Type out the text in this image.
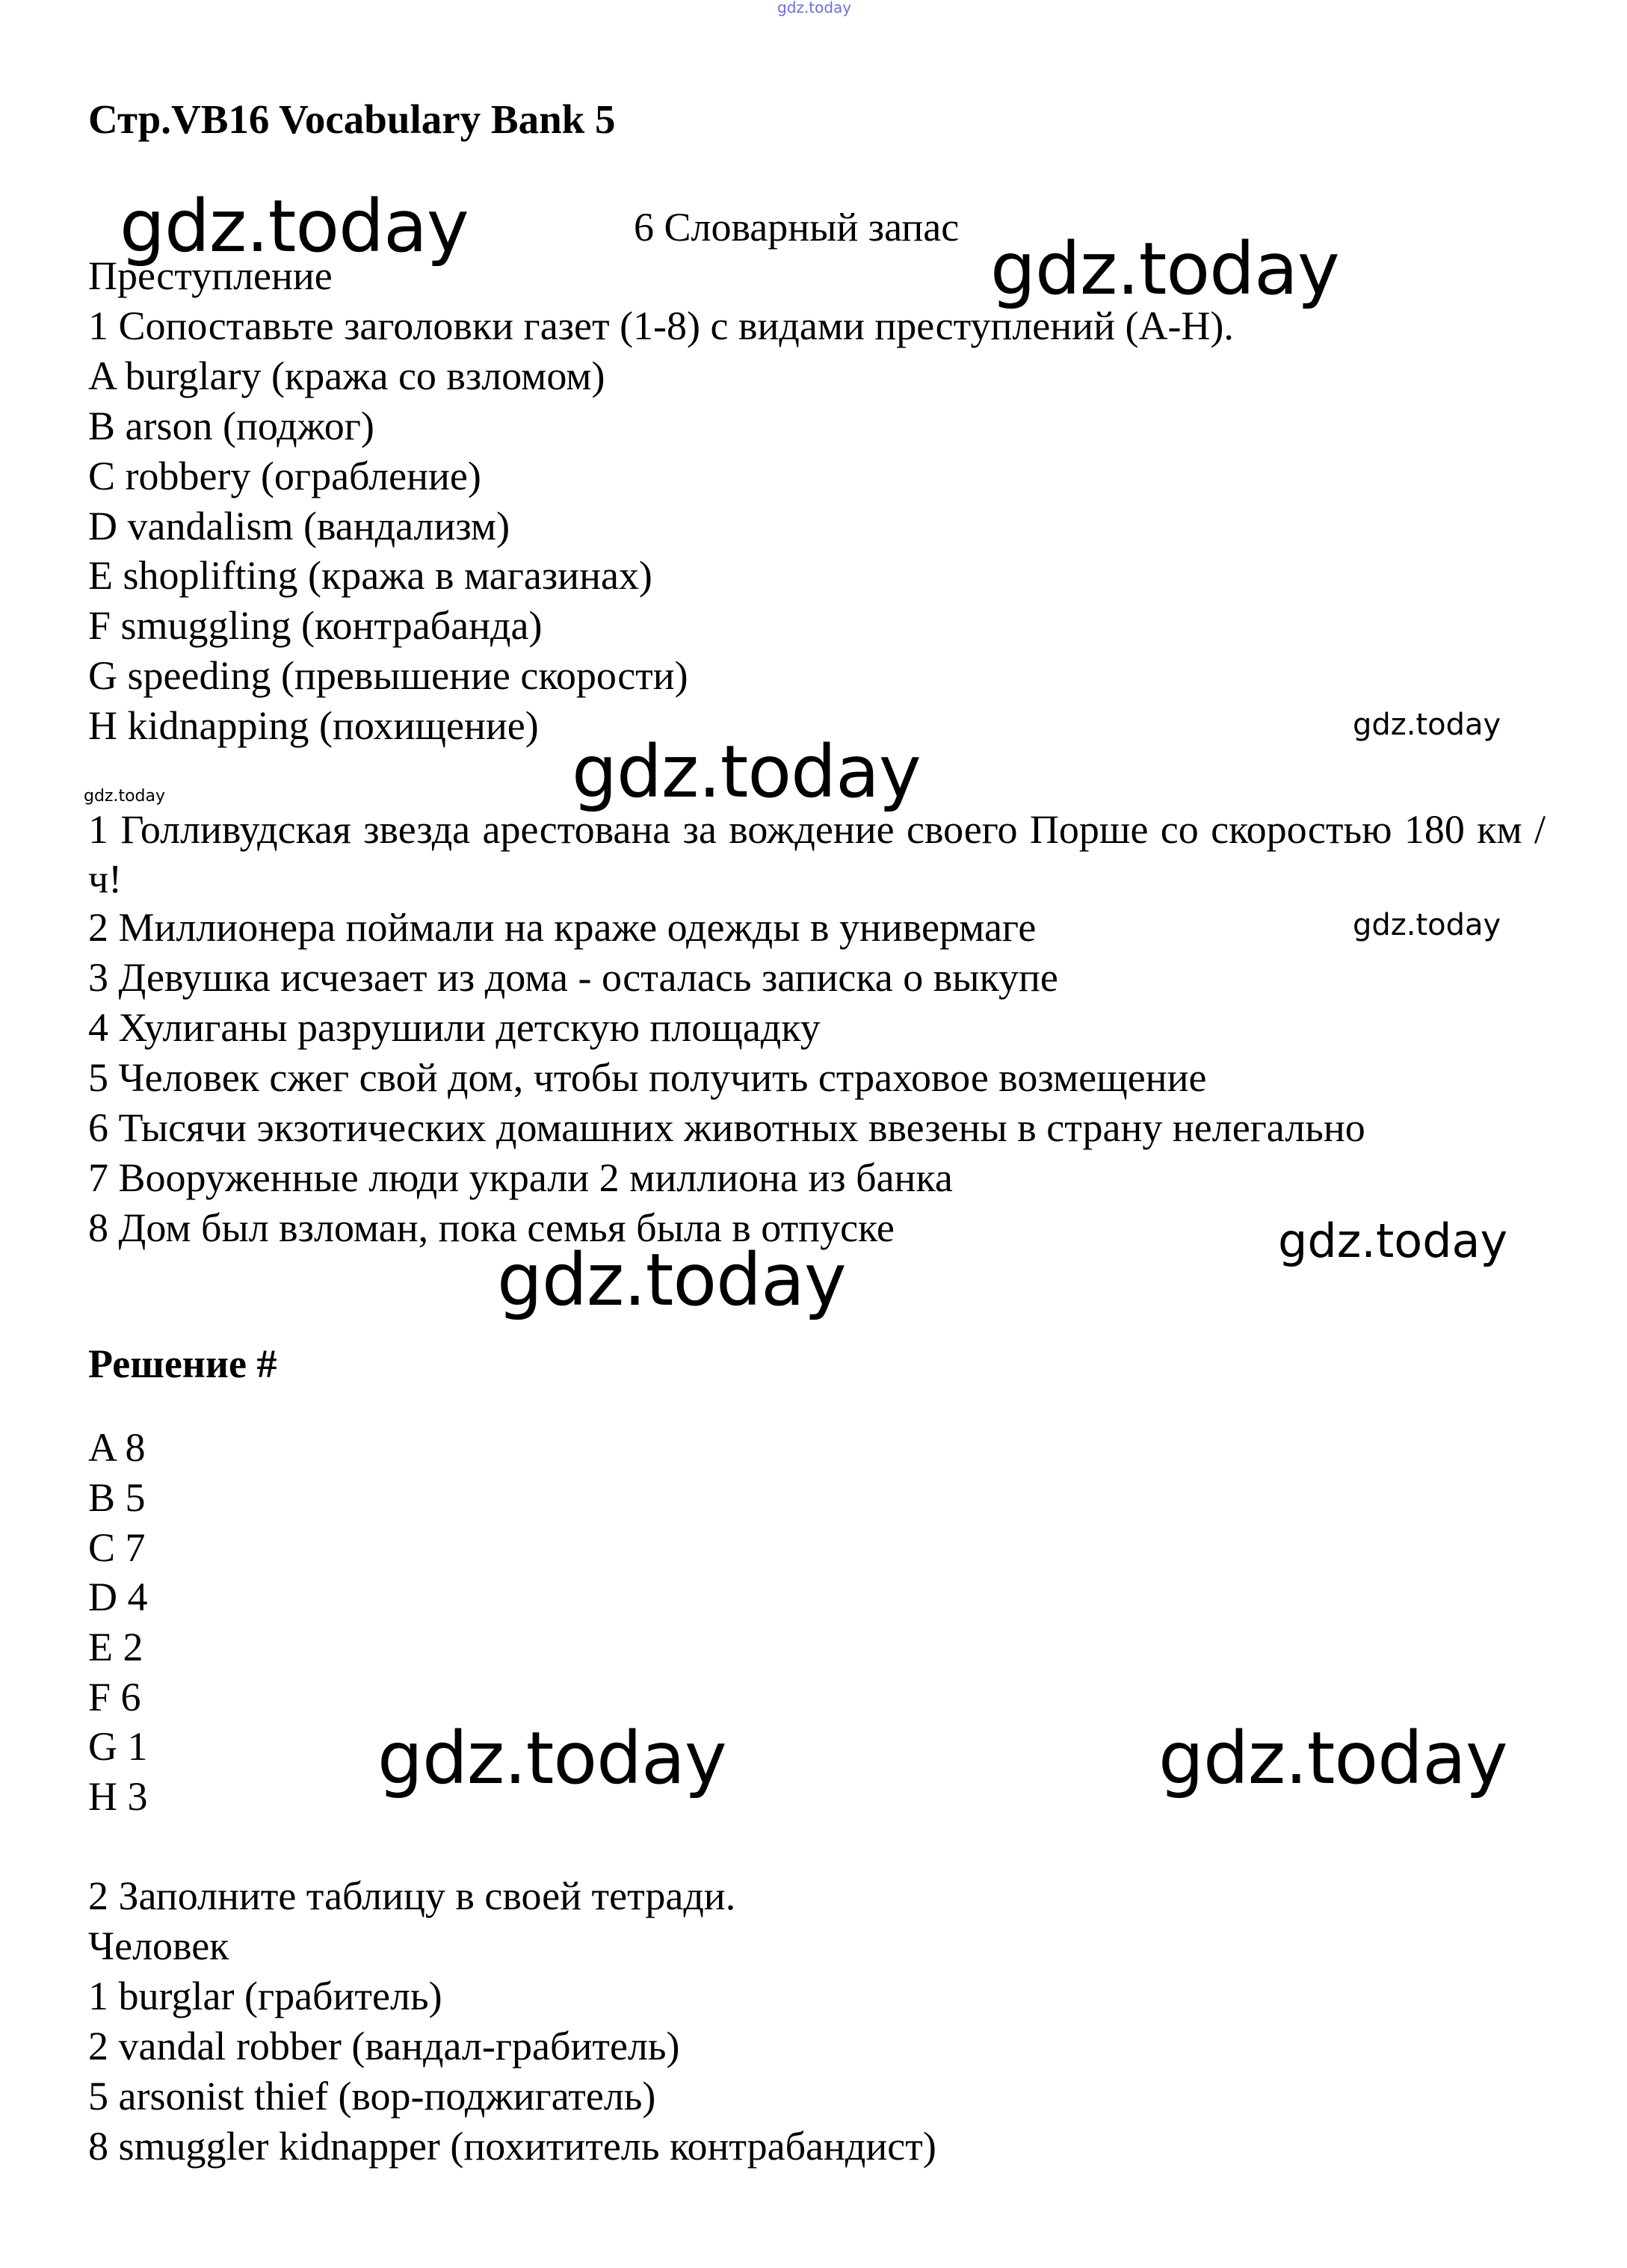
gdz.today
gdz.today
gdz.today
gdz.today
gdz.today
gdz.today
gdz.today
gdz.today
gdz.today
gdz.today	gdz.today
Стр.VB16 Vocabulary Bank 5
6 Словарный запас
Преступление
1 Сопоставьте заголовки газет (1-8) с видами преступлений (A-H).
A burglary (кража со взломом)
B arson (поджог)
C robbery (ограбление)
D vandalism (вандализм)
E shoplifting (кража в магазинах)
F smuggling (контрабанда)
G speeding (превышение скорости)
H kidnapping (похищение)
1 Голливудская звезда арестована за вождение своего Порше со скоростью 180 км / ч!
2 Миллионера поймали на краже одежды в универмаге
3 Девушка исчезает из дома - осталась записка о выкупе
4 Хулиганы разрушили детскую площадку
5 Человек сжег свой дом, чтобы получить страховое возмещение
6 Тысячи экзотических домашних животных ввезены в страну нелегально
7 Вооруженные люди украли 2 миллиона из банка
8 Дом был взломан, пока семья была в отпуске
Решение #
A 8
B 5
C 7
D 4
E 2
F 6
G 1
H 3
2 Заполните таблицу в своей тетради.
Человек
1 burglar (грабитель)
2 vandal robber (вандал-грабитель)
5 arsonist thief (вор-поджигатель)
8 smuggler kidnapper (похититель контрабандист)
